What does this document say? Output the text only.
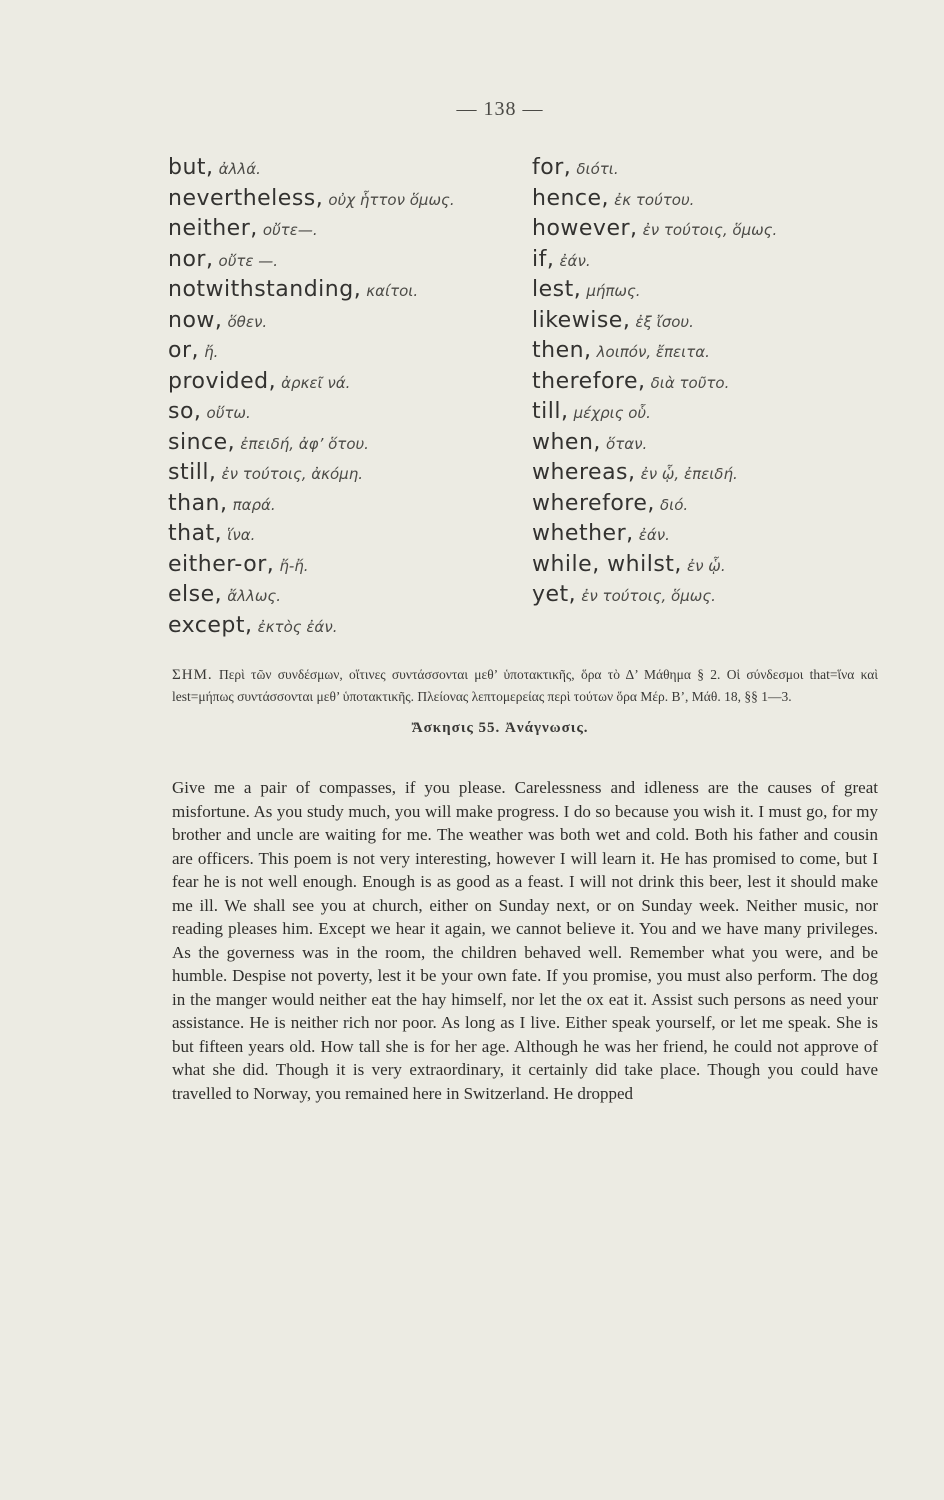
— 138 —
but, ἀλλά.
nevertheless, οὐχ ἧττον ὅμως.
neither, οὔτε—.
nor, οὔτε —.
notwithstanding, καίτοι.
now, ὅθεν.
or, ἤ.
provided, ἀρκεῖ νά.
so, οὕτω.
since, ἐπειδή, ἀφ’ ὅτου.
still, ἐν τούτοις, ἀκόμη.
than, παρά.
that, ἵνα.
either-or, ἤ-ἤ.
else, ἄλλως.
except, ἐκτὸς ἐάν.
for, διότι.
hence, ἐκ τούτου.
however, ἐν τούτοις, ὅμως.
if, ἐάν.
lest, μήπως.
likewise, ἐξ ἴσου.
then, λοιπόν, ἔπειτα.
therefore, διὰ τοῦτο.
till, μέχρις οὗ.
when, ὅταν.
whereas, ἐν ᾧ, ἐπειδή.
wherefore, διό.
whether, ἐάν.
while, whilst, ἐν ᾧ.
yet, ἐν τούτοις, ὅμως.

ΣΗΜ. Περὶ τῶν συνδέσμων, οἵτινες συντάσσονται μεθ’ ὑποτακτικῆς, ὅρα τὸ Δ’ Μάθημα § 2. Οἱ σύνδεσμοι that=ἵνα καὶ lest=μήπως συντάσσονται μεθ’ ὑποτακτικῆς. Πλείονας λεπτομερείας περὶ τούτων ὅρα Μέρ. Β’, Μάθ. 18, §§ 1—3.

Ἄσκησις 55. Ἀνάγνωσις.

Give me a pair of compasses, if you please. Carelessness and idleness are the causes of great misfortune. As you study much, you will make progress. I do so because you wish it. I must go, for my brother and uncle are waiting for me. The weather was both wet and cold. Both his father and cousin are officers. This poem is not very interesting, however I will learn it. He has promised to come, but I fear he is not well enough. Enough is as good as a feast. I will not drink this beer, lest it should make me ill. We shall see you at church, either on Sunday next, or on Sunday week. Neither music, nor reading pleases him. Except we hear it again, we cannot believe it. You and we have many privileges. As the governess was in the room, the children behaved well. Remember what you were, and be humble. Despise not poverty, lest it be your own fate. If you promise, you must also perform. The dog in the manger would neither eat the hay himself, nor let the ox eat it. Assist such persons as need your assistance. He is neither rich nor poor. As long as I live. Either speak yourself, or let me speak. She is but fifteen years old. How tall she is for her age. Although he was her friend, he could not approve of what she did. Though it is very extraordinary, it certainly did take place. Though you could have travelled to Norway, you remained here in Switzerland. He dropped
